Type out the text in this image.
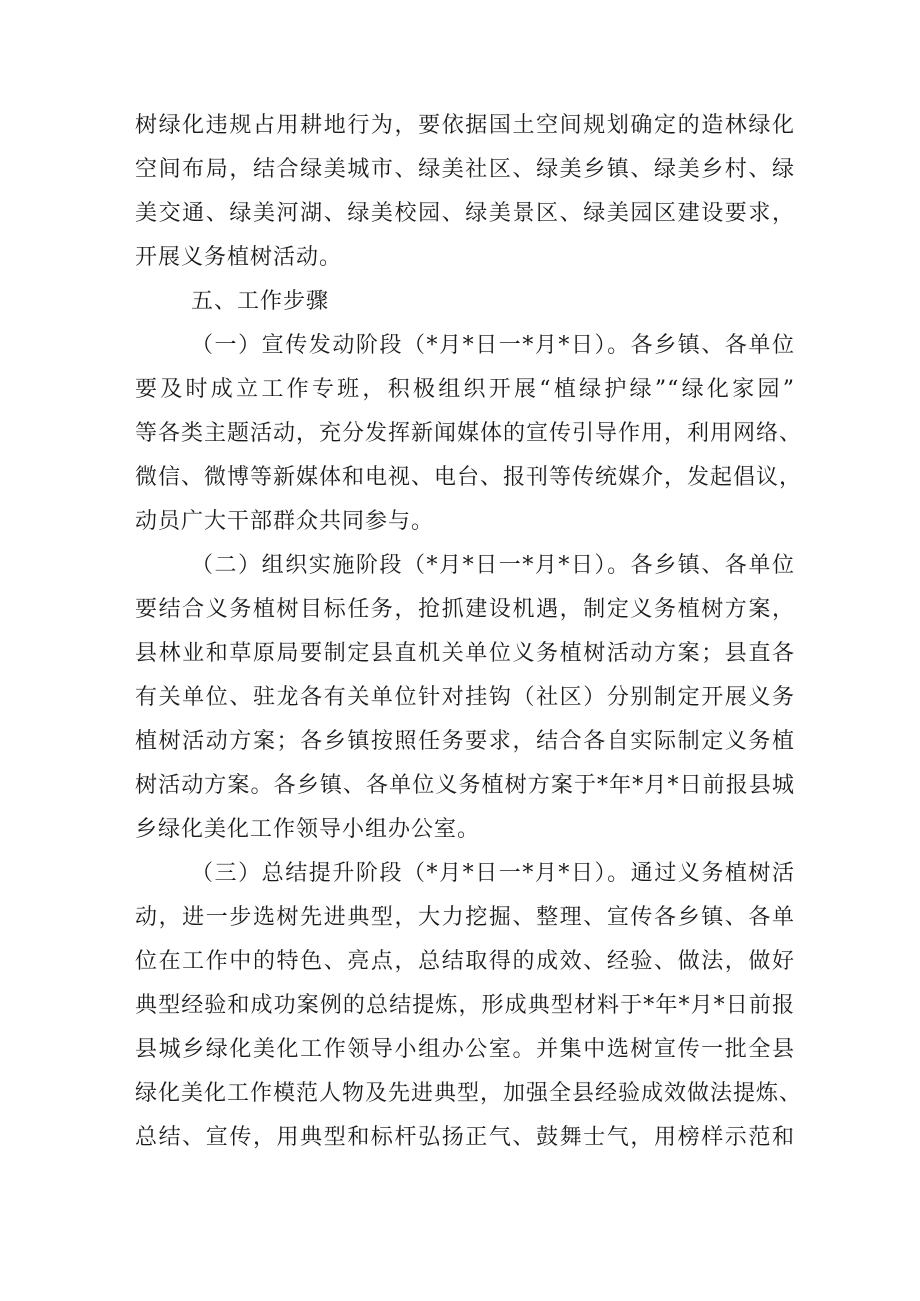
树绿化违规占用耕地行为，要依据国土空间规划确定的造林绿化
空间布局，结合绿美城市、绿美社区、绿美乡镇、绿美乡村、绿
美交通、绿美河湖、绿美校园、绿美景区、绿美园区建设要求，
开展义务植树活动。
五、工作步骤
（一）宣传发动阶段（*月*日一*月*日）。各乡镇、各单位
要及时成立工作专班，积极组织开展“植绿护绿”“绿化家园”
等各类主题活动，充分发挥新闻媒体的宣传引导作用，利用网络、
微信、微博等新媒体和电视、电台、报刊等传统媒介，发起倡议，
动员广大干部群众共同参与。
（二）组织实施阶段（*月*日一*月*日）。各乡镇、各单位
要结合义务植树目标任务，抢抓建设机遇，制定义务植树方案，
县林业和草原局要制定县直机关单位义务植树活动方案；县直各
有关单位、驻龙各有关单位针对挂钩（社区）分别制定开展义务
植树活动方案；各乡镇按照任务要求，结合各自实际制定义务植
树活动方案。各乡镇、各单位义务植树方案于*年*月*日前报县城
乡绿化美化工作领导小组办公室。
（三）总结提升阶段（*月*日一*月*日）。通过义务植树活
动，进一步选树先进典型，大力挖掘、整理、宣传各乡镇、各单
位在工作中的特色、亮点，总结取得的成效、经验、做法，做好
典型经验和成功案例的总结提炼，形成典型材料于*年*月*日前报
县城乡绿化美化工作领导小组办公室。并集中选树宣传一批全县
绿化美化工作模范人物及先进典型，加强全县经验成效做法提炼、
总结、宣传，用典型和标杆弘扬正气、鼓舞士气，用榜样示范和
